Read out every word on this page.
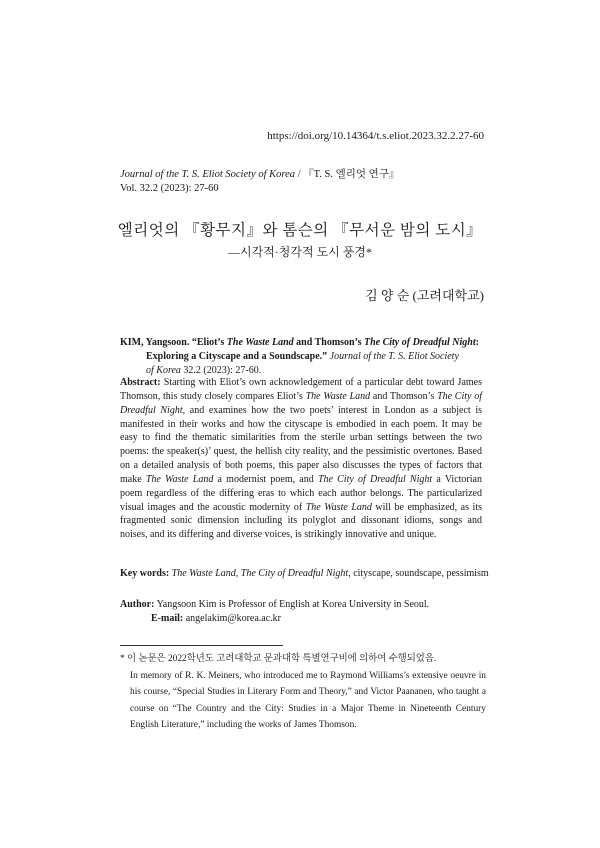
https://doi.org/10.14364/t.s.eliot.2023.32.2.27-60
Journal of the T. S. Eliot Society of Korea / 『T. S. 엘리엇 연구』
Vol. 32.2 (2023): 27-60
엘리엇의 『황무지』와 톰슨의 『무서운 밤의 도시』
―시각적·청각적 도시 풍경*
김 양 순 (고려대학교)
KIM, Yangsoon. “Eliot’s The Waste Land and Thomson’s The City of Dreadful Night:
Exploring a Cityscape and a Soundscape.” Journal of the T. S. Eliot Society
of Korea 32.2 (2023): 27-60.
Abstract: Starting with Eliot’s own acknowledgement of a particular debt toward James Thomson, this study closely compares Eliot’s The Waste Land and Thomson’s The City of Dreadful Night, and examines how the two poets’ interest in London as a subject is manifested in their works and how the cityscape is embodied in each poem. It may be easy to find the thematic similarities from the sterile urban settings between the two poems: the speaker(s)’ quest, the hellish city reality, and the pessimistic overtones. Based on a detailed analysis of both poems, this paper also discusses the types of factors that make The Waste Land a modernist poem, and The City of Dreadful Night a Victorian poem regardless of the differing eras to which each author belongs. The particularized visual images and the acoustic modernity of The Waste Land will be emphasized, as its fragmented sonic dimension including its polyglot and dissonant idioms, songs and noises, and its differing and diverse voices, is strikingly innovative and unique.
Key words: The Waste Land, The City of Dreadful Night, cityscape, soundscape, pessimism
Author: Yangsoon Kim is Professor of English at Korea University in Seoul.
E-mail: angelakim@korea.ac.kr
* 이 논문은 2022학년도 고려대학교 문과대학 특별연구비에 의하여 수행되었음.
In memory of R. K. Meiners, who introduced me to Raymond Williams’s extensive oeuvre in his course, “Special Studies in Literary Form and Theory,” and Victor Paananen, who taught a course on “The Country and the City: Studies in a Major Theme in Nineteenth Century English Literature,” including the works of James Thomson.
